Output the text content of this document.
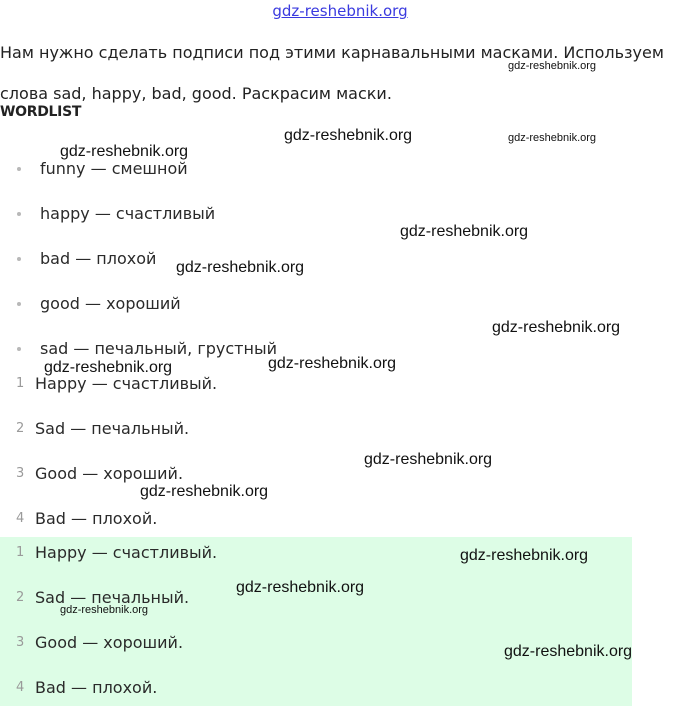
gdz-reshebnik.org
Нам нужно сделать подписи под этими карнавальными масками. Используем слова sad, happy, bad, good. Раскрасим маски.
WORDLIST
funny — смешной
happy — счастливый
bad — плохой
good — хороший
sad — печальный, грустный
1 Happy — счастливый.
2 Sad — печальный.
3 Good — хороший.
4 Bad — плохой.
1 Happy — счастливый.
2 Sad — печальный.
3 Good — хороший.
4 Bad — плохой.
gdz-reshebnik.org
gdz-reshebnik.org	gdz-reshebnik.org
gdz-reshebnik.org
gdz-reshebnik.org
gdz-reshebnik.org
gdz-reshebnik.org
gdz-reshebnik.org
gdz-reshebnik.org
gdz-reshebnik.org
gdz-reshebnik.org
gdz-reshebnik.org
gdz-reshebnik.org
gdz-reshebnik.org
gdz-reshebnik.org
